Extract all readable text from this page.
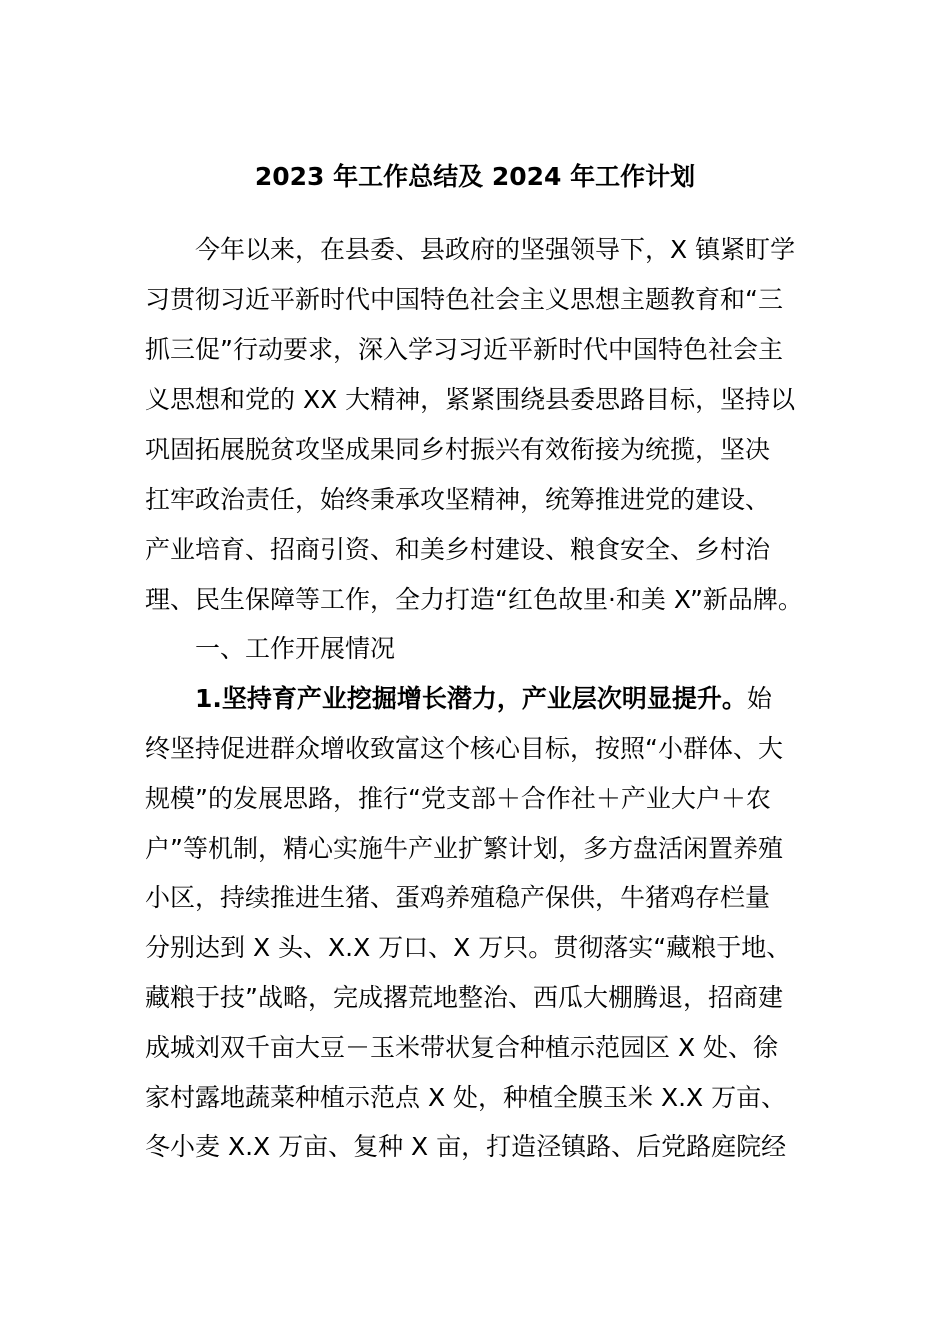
2023 年工作总结及 2024 年工作计划

今年以来，在县委、县政府的坚强领导下，X 镇紧盯学

习贯彻习近平新时代中国特色社会主义思想主题教育和“三

抓三促”行动要求，深入学习习近平新时代中国特色社会主

义思想和党的 XX 大精神，紧紧围绕县委思路目标，坚持以

巩固拓展脱贫攻坚成果同乡村振兴有效衔接为统揽，坚决

扛牢政治责任，始终秉承攻坚精神，统筹推进党的建设、

产业培育、招商引资、和美乡村建设、粮食安全、乡村治

理、民生保障等工作，全力打造“红色故里·和美 X”新品牌。

一、工作开展情况

1.坚持育产业挖掘增长潜力，产业层次明显提升。始

终坚持促进群众增收致富这个核心目标，按照“小群体、大

规模”的发展思路，推行“党支部＋合作社＋产业大户＋农

户”等机制，精心实施牛产业扩繁计划，多方盘活闲置养殖

小区，持续推进生猪、蛋鸡养殖稳产保供，牛猪鸡存栏量

分别达到 X 头、X.X 万口、X 万只。贯彻落实“藏粮于地、

藏粮于技”战略，完成撂荒地整治、西瓜大棚腾退，招商建

成城刘双千亩大豆－玉米带状复合种植示范园区 X 处、徐

家村露地蔬菜种植示范点 X 处，种植全膜玉米 X.X 万亩、

冬小麦 X.X 万亩、复种 X 亩，打造泾镇路、后党路庭院经
